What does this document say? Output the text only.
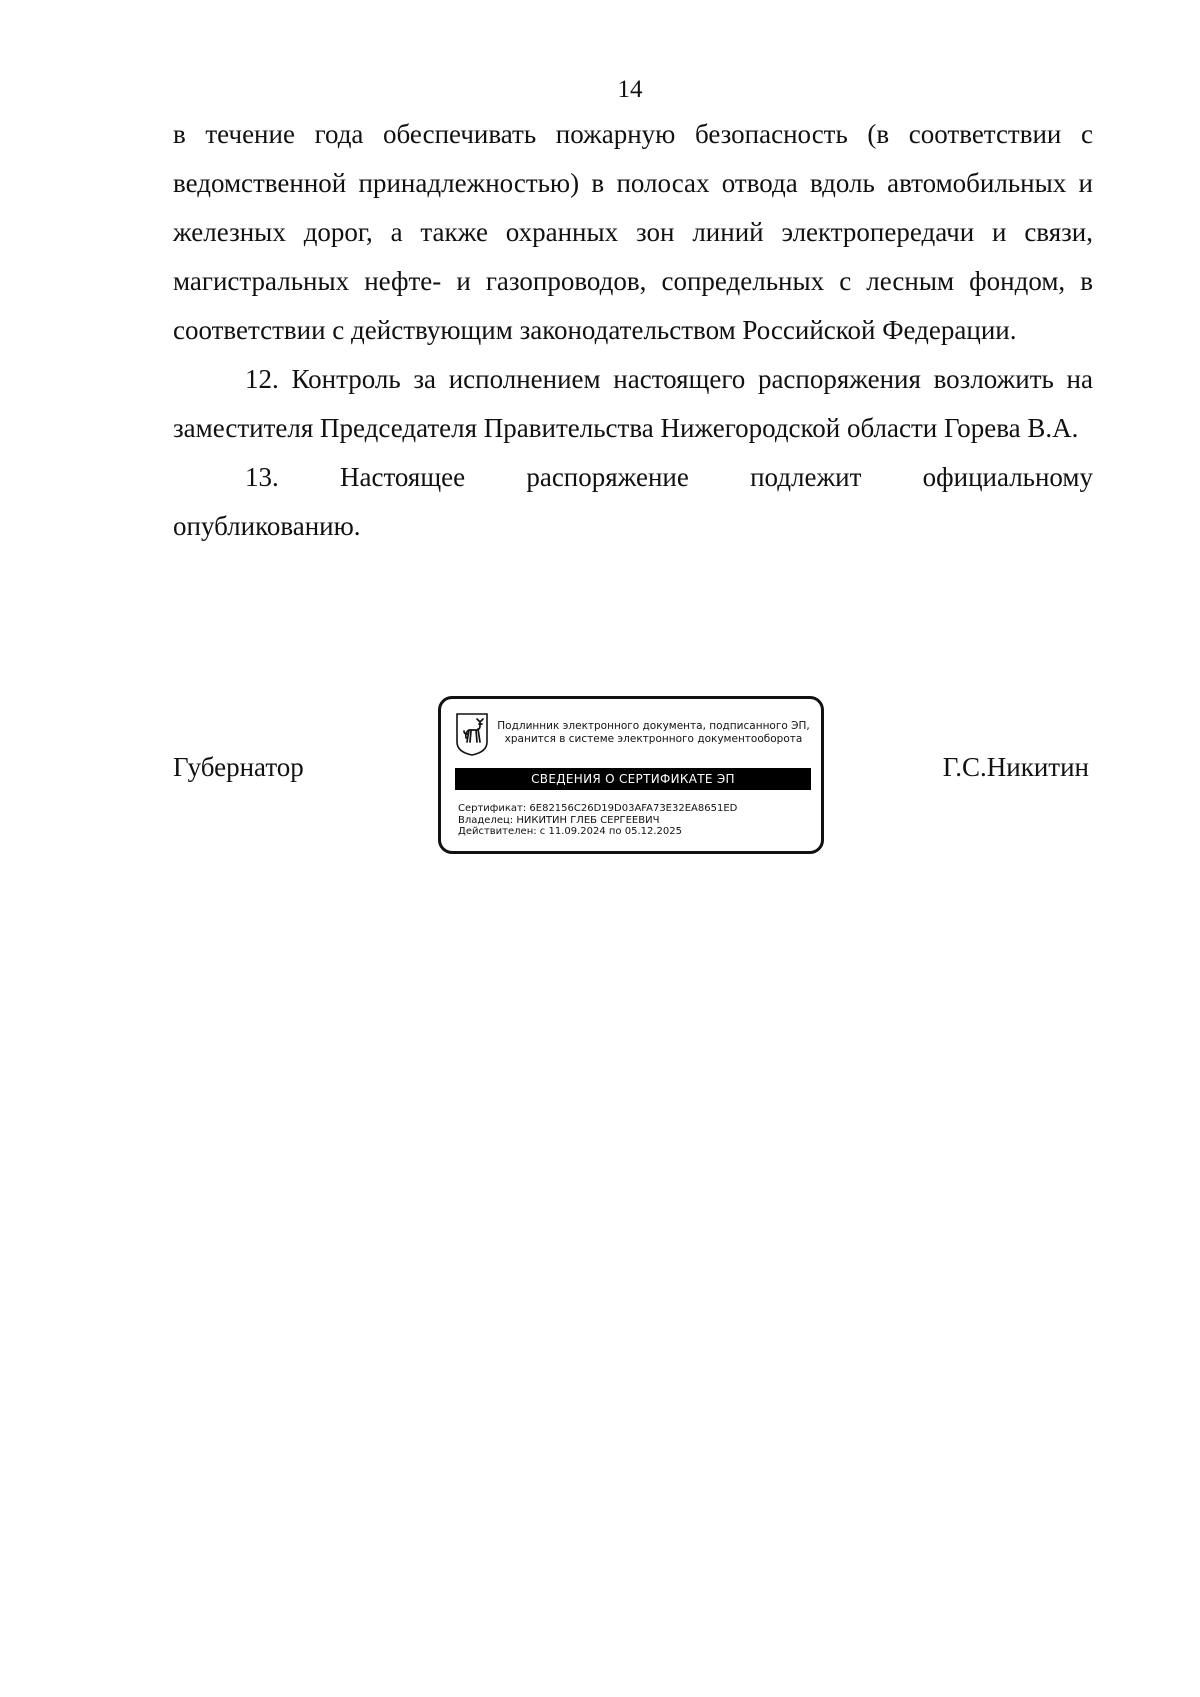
14

в течение года обеспечивать пожарную безопасность (в соответствии с ведомственной принадлежностью) в полосах отвода вдоль автомобильных и железных дорог, а также охранных зон линий электропередачи и связи, магистральных нефте- и газопроводов, сопредельных с лесным фондом, в соответствии с действующим законодательством Российской Федерации.

12. Контроль за исполнением настоящего распоряжения возложить на заместителя Председателя Правительства Нижегородской области Горева В.А.

13. Настоящее распоряжение подлежит официальному

опубликованию.

Губернатор	Г.С.Никитин
Подлинник электронного документа, подписанного ЭП,
хранится в системе электронного документооборота
СВЕДЕНИЯ О СЕРТИФИКАТЕ ЭП
Сертификат: 6E82156C26D19D03AFA73E32EA8651ED
Владелец: НИКИТИН ГЛЕБ СЕРГЕЕВИЧ
Действителен: с 11.09.2024 по 05.12.2025
